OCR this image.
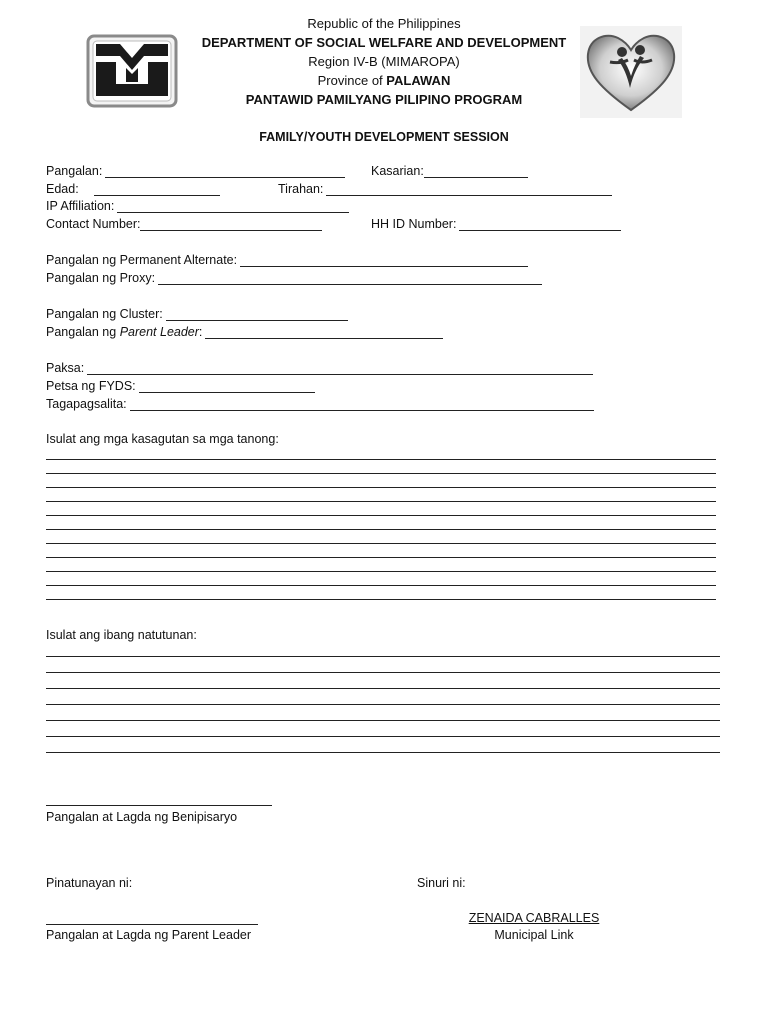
Republic of the Philippines
DEPARTMENT OF SOCIAL WELFARE AND DEVELOPMENT
Region IV-B (MIMAROPA)
Province of PALAWAN
PANTAWID PAMILYANG PILIPINO PROGRAM
FAMILY/YOUTH DEVELOPMENT SESSION
Pangalan:	Kasarian:
Edad:	Tirahan:
IP Affiliation:
Contact Number:	HH ID Number:
Pangalan ng Permanent Alternate:
Pangalan ng Proxy:
Pangalan ng Cluster:
Pangalan ng Parent Leader:
Paksa:
Petsa ng FYDS:
Tagapagsalita:
Isulat ang mga kasagutan sa mga tanong:
Isulat ang ibang natutunan:
Pangalan at Lagda ng Benipisaryo
Pinatunayan ni:	Sinuri ni:
Pangalan at Lagda ng Parent Leader
ZENAIDA CABRALLES
Municipal Link
